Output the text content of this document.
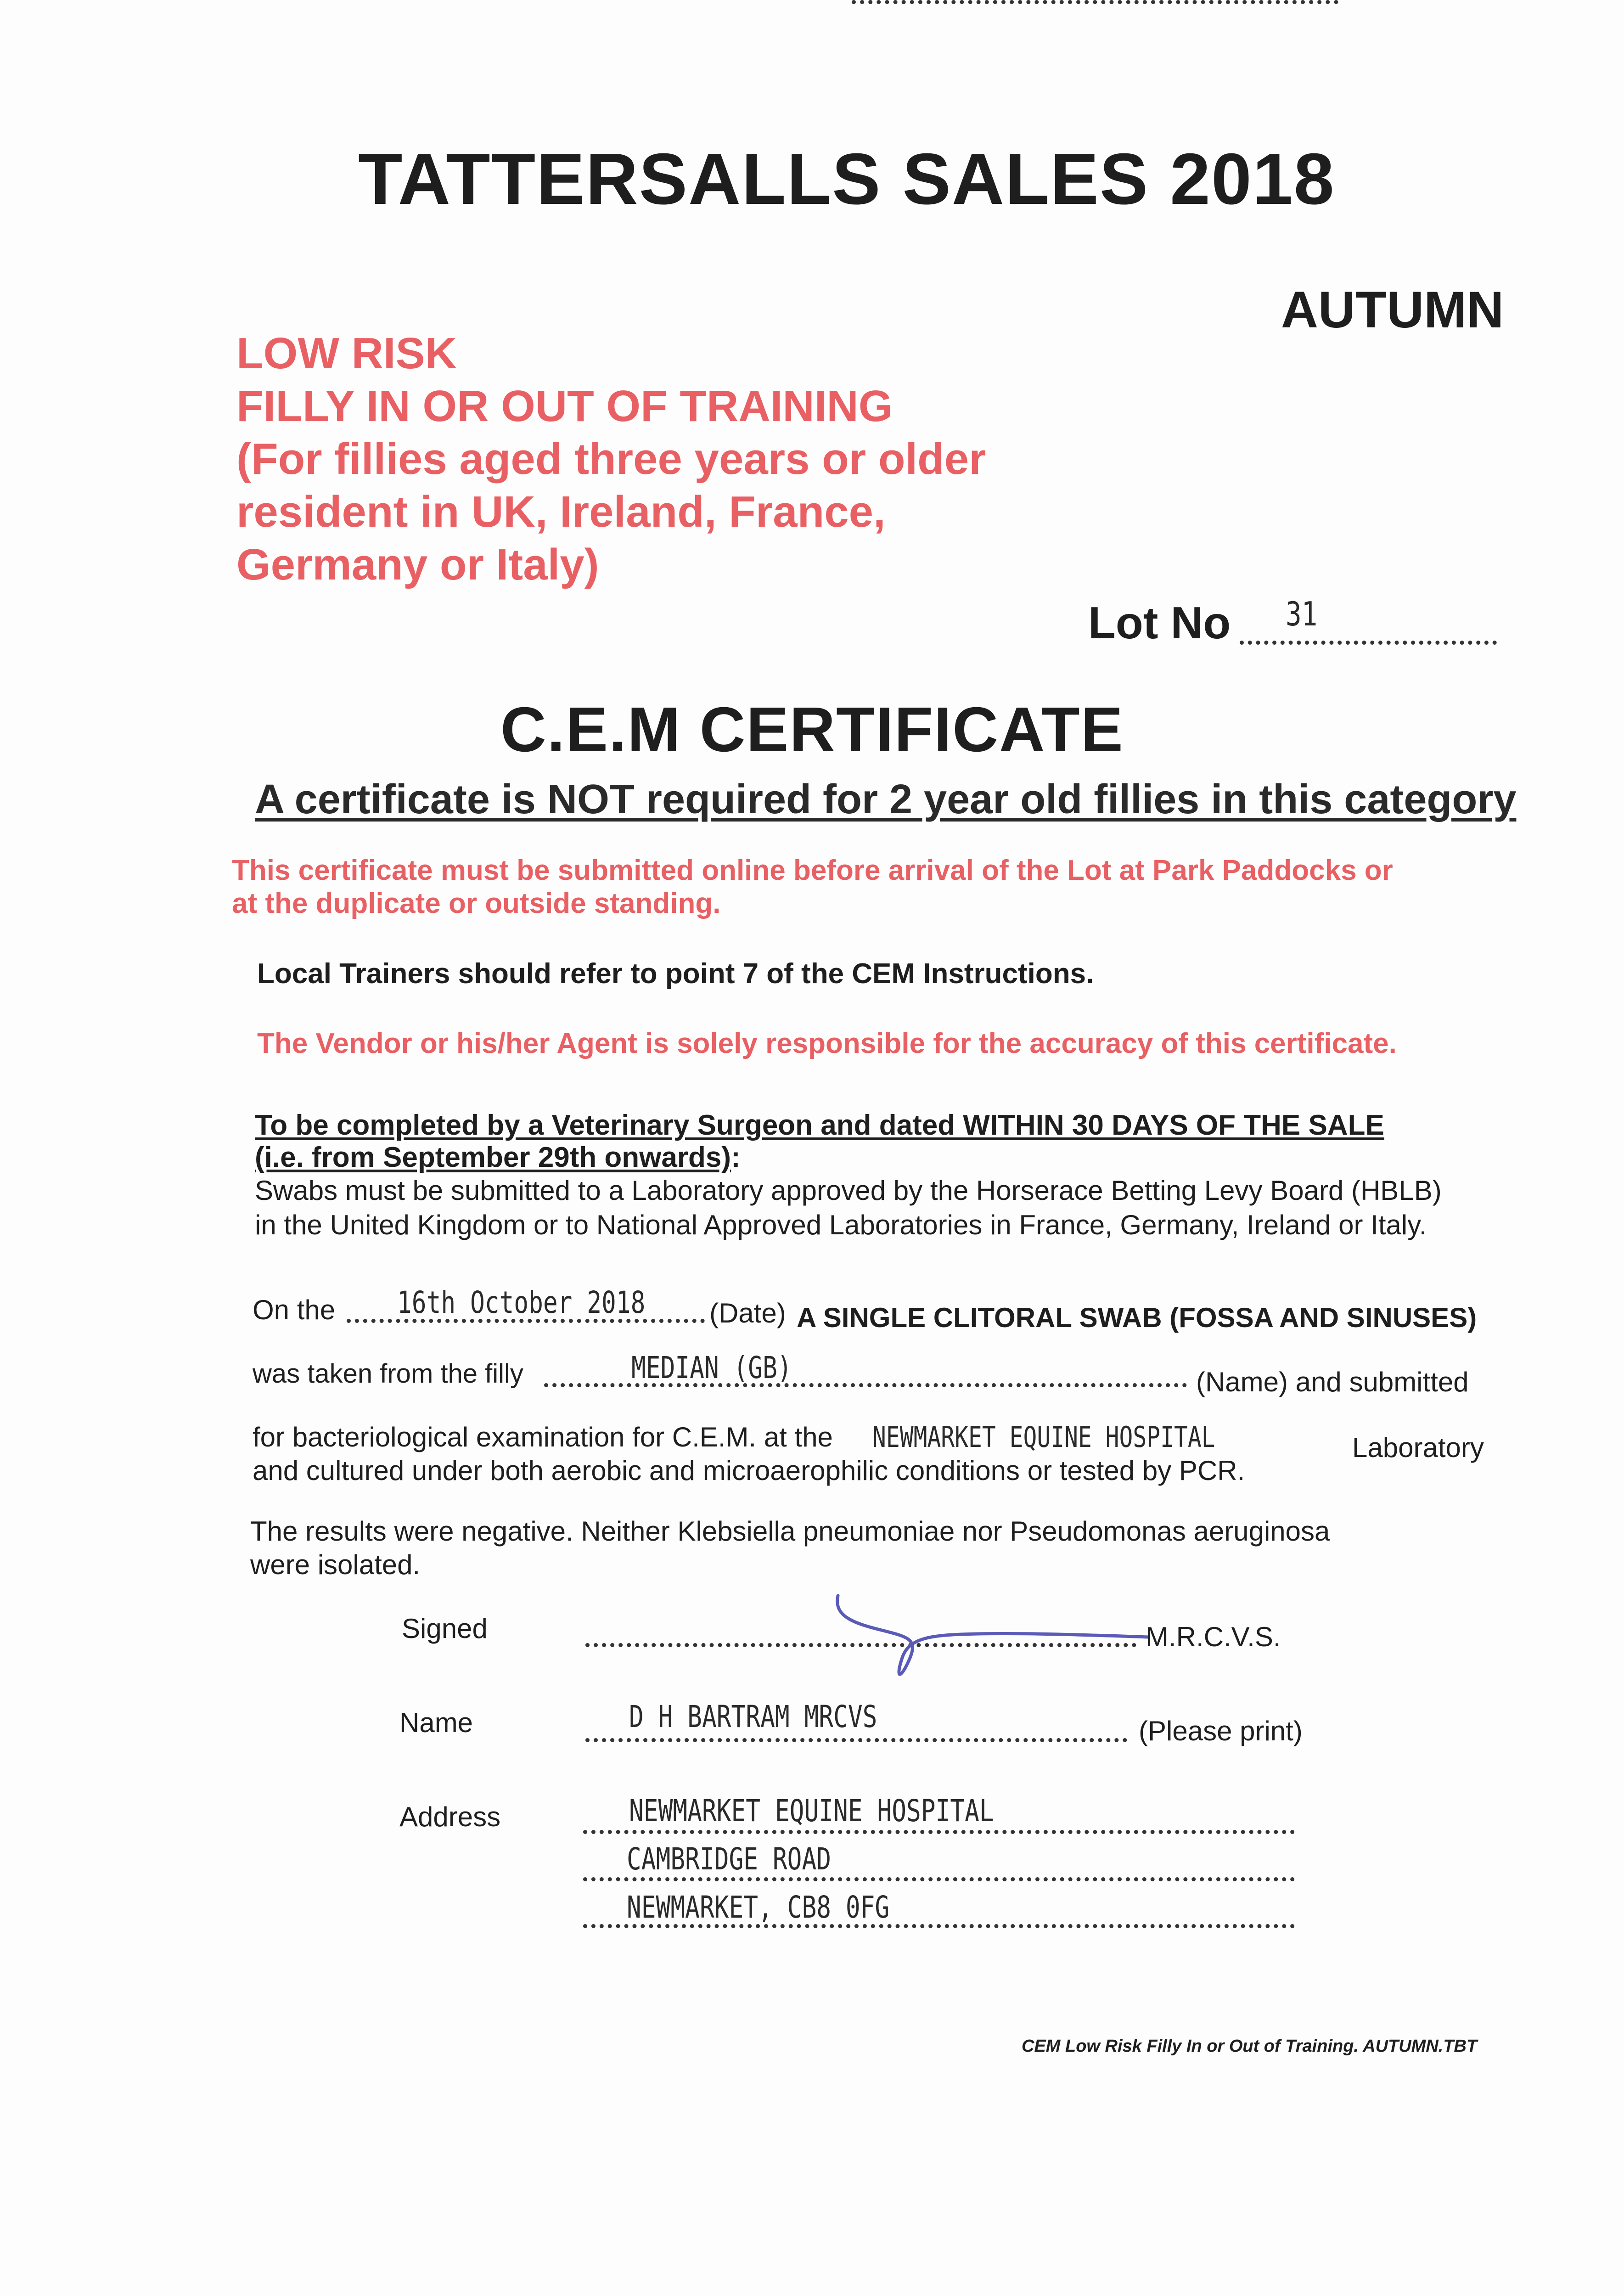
TATTERSALLS SALES 2018
AUTUMN
LOW RISK
FILLY IN OR OUT OF TRAINING
(For fillies aged three years or older
resident in UK, Ireland, France,
Germany or Italy)
Lot No 31
C.E.M CERTIFICATE
A certificate is NOT required for 2 year old fillies in this category
This certificate must be submitted online before arrival of the Lot at Park Paddocks or
at the duplicate or outside standing.
Local Trainers should refer to point 7 of the CEM Instructions.
The Vendor or his/her Agent is solely responsible for the accuracy of this certificate.
To be completed by a Veterinary Surgeon and dated WITHIN 30 DAYS OF THE SALE
(i.e. from September 29th onwards):
Swabs must be submitted to a Laboratory approved by the Horserace Betting Levy Board (HBLB)
in the United Kingdom or to National Approved Laboratories in France, Germany, Ireland or Italy.
On the 16th October 2018 (Date) A SINGLE CLITORAL SWAB (FOSSA AND SINUSES)
was taken from the filly	MEDIAN (GB)	(Name) and submitted
for bacteriological examination for C.E.M. at the NEWMARKET EQUINE HOSPITAL	Laboratory
and cultured under both aerobic and microaerophilic conditions or tested by PCR.
The results were negative. Neither Klebsiella pneumoniae nor Pseudomonas aeruginosa
were isolated.
Signed	M.R.C.V.S.
Name	D H BARTRAM MRCVS	(Please print)
Address	NEWMARKET EQUINE HOSPITAL
CAMBRIDGE ROAD
NEWMARKET, CB8 0FG
CEM Low Risk Filly In or Out of Training. AUTUMN.TBT
